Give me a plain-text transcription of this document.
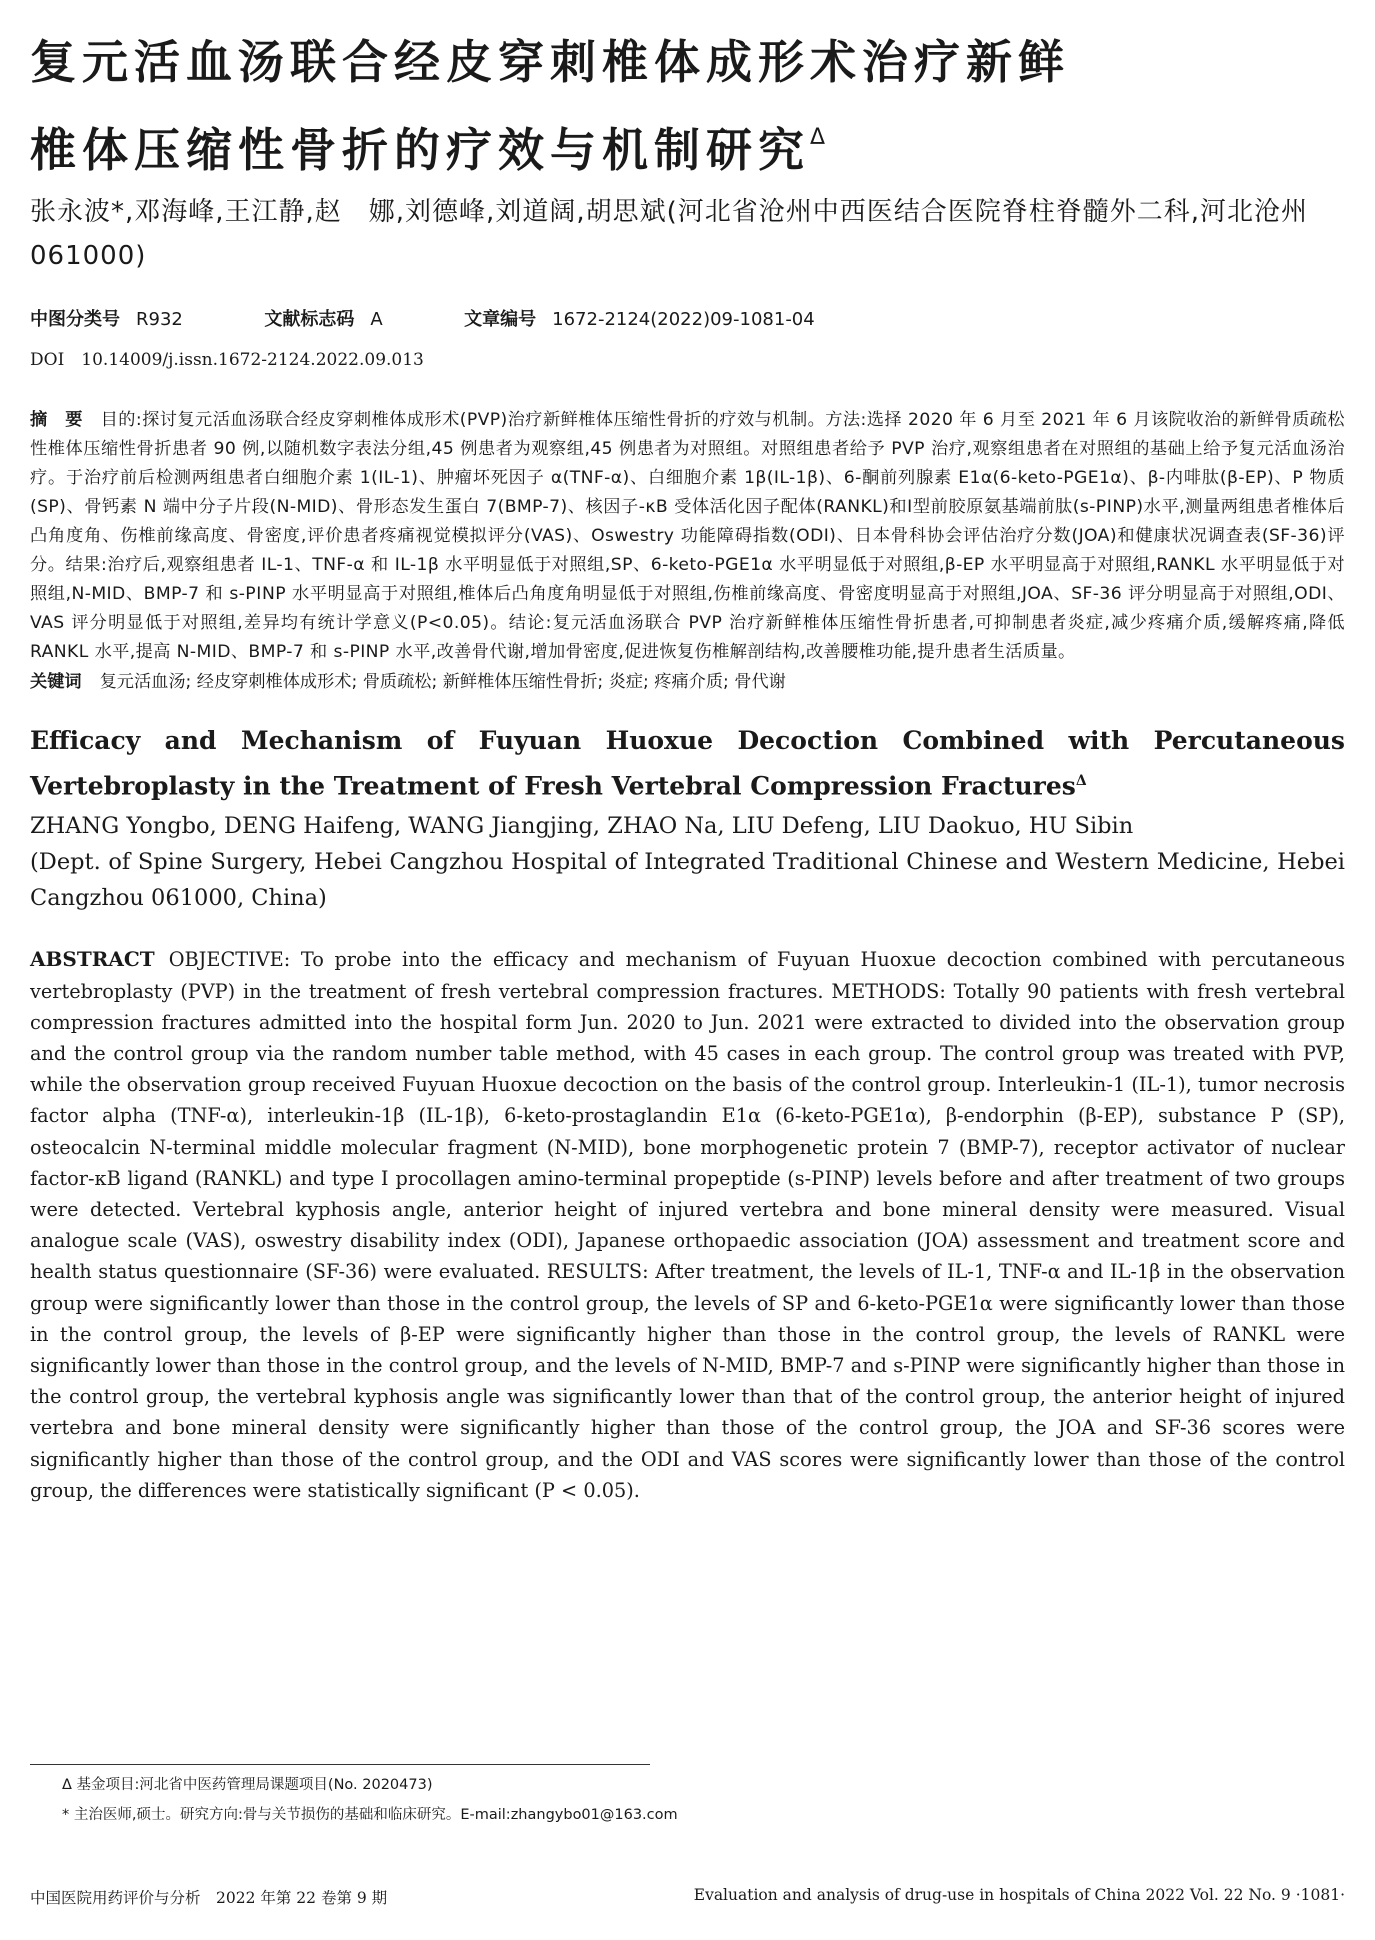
复元活血汤联合经皮穿刺椎体成形术治疗新鲜
椎体压缩性骨折的疗效与机制研究$^\Delta$
张永波*,邓海峰,王江静,赵　娜,刘德峰,刘道阔,胡思斌(河北省沧州中西医结合医院脊柱脊髓外二科,河北沧州　061000)
中图分类号 R932	文献标志码 A	文章编号 1672-2124(2022)09-1081-04
DOI　10.14009/j.issn.1672-2124.2022.09.013
摘　要　 目的:探讨复元活血汤联合经皮穿刺椎体成形术(PVP)治疗新鲜椎体压缩性骨折的疗效与机制。方法:选择 2020 年 6 月至 2021 年 6 月该院收治的新鲜骨质疏松性椎体压缩性骨折患者 90 例,以随机数字表法分组,45 例患者为观察组,45 例患者为对照组。对照组患者给予 PVP 治疗,观察组患者在对照组的基础上给予复元活血汤治疗。于治疗前后检测两组患者白细胞介素 1(IL-1)、肿瘤坏死因子 α(TNF-α)、白细胞介素 1β(IL-1β)、6-酮前列腺素 E1α(6-keto-PGE1α)、β-内啡肽(β-EP)、P 物质(SP)、骨钙素 N 端中分子片段(N-MID)、骨形态发生蛋白 7(BMP-7)、核因子-κB 受体活化因子配体(RANKL)和Ⅰ型前胶原氨基端前肽(s-PⅠNP)水平,测量两组患者椎体后凸角度角、伤椎前缘高度、骨密度,评价患者疼痛视觉模拟评分(VAS)、Oswestry 功能障碍指数(ODI)、日本骨科协会评估治疗分数(JOA)和健康状况调查表(SF-36)评分。结果:治疗后,观察组患者 IL-1、TNF-α 和 IL-1β 水平明显低于对照组,SP、6-keto-PGE1α 水平明显低于对照组,β-EP 水平明显高于对照组,RANKL 水平明显低于对照组,N-MID、BMP-7 和 s-PⅠNP 水平明显高于对照组,椎体后凸角度角明显低于对照组,伤椎前缘高度、骨密度明显高于对照组,JOA、SF-36 评分明显高于对照组,ODI、VAS 评分明显低于对照组,差异均有统计学意义(P<0.05)。结论:复元活血汤联合 PVP 治疗新鲜椎体压缩性骨折患者,可抑制患者炎症,减少疼痛介质,缓解疼痛,降低 RANKL 水平,提高 N-MID、BMP-7 和 s-PⅠNP 水平,改善骨代谢,增加骨密度,促进恢复伤椎解剖结构,改善腰椎功能,提升患者生活质量。
关键词 复元活血汤; 经皮穿刺椎体成形术; 骨质疏松; 新鲜椎体压缩性骨折; 炎症; 疼痛介质; 骨代谢
Efficacy and Mechanism of Fuyuan Huoxue Decoction Combined with Percutaneous Vertebroplasty in the Treatment of Fresh Vertebral Compression Fractures$^\Delta$
ZHANG Yongbo, DENG Haifeng, WANG Jiangjing, ZHAO Na, LIU Defeng, LIU Daokuo, HU Sibin
(Dept. of Spine Surgery, Hebei Cangzhou Hospital of Integrated Traditional Chinese and Western Medicine, Hebei Cangzhou 061000, China)
ABSTRACT OBJECTIVE: To probe into the efficacy and mechanism of Fuyuan Huoxue decoction combined with percutaneous vertebroplasty (PVP) in the treatment of fresh vertebral compression fractures. METHODS: Totally 90 patients with fresh vertebral compression fractures admitted into the hospital form Jun. 2020 to Jun. 2021 were extracted to divided into the observation group and the control group via the random number table method, with 45 cases in each group. The control group was treated with PVP, while the observation group received Fuyuan Huoxue decoction on the basis of the control group. Interleukin-1 (IL-1), tumor necrosis factor alpha (TNF-α), interleukin-1β (IL-1β), 6-keto-prostaglandin E1α (6-keto-PGE1α), β-endorphin (β-EP), substance P (SP), osteocalcin N-terminal middle molecular fragment (N-MID), bone morphogenetic protein 7 (BMP-7), receptor activator of nuclear factor-κB ligand (RANKL) and type Ⅰ procollagen amino-terminal propeptide (s-PⅠNP) levels before and after treatment of two groups were detected. Vertebral kyphosis angle, anterior height of injured vertebra and bone mineral density were measured. Visual analogue scale (VAS), oswestry disability index (ODI), Japanese orthopaedic association (JOA) assessment and treatment score and health status questionnaire (SF-36) were evaluated. RESULTS: After treatment, the levels of IL-1, TNF-α and IL-1β in the observation group were significantly lower than those in the control group, the levels of SP and 6-keto-PGE1α were significantly lower than those in the control group, the levels of β-EP were significantly higher than those in the control group, the levels of RANKL were significantly lower than those in the control group, and the levels of N-MID, BMP-7 and s-PⅠNP were significantly higher than those in the control group, the vertebral kyphosis angle was significantly lower than that of the control group, the anterior height of injured vertebra and bone mineral density were significantly higher than those of the control group, the JOA and SF-36 scores were significantly higher than those of the control group, and the ODI and VAS scores were significantly lower than those of the control group, the differences were statistically significant (P < 0.05).
Δ 基金项目:河北省中医药管理局课题项目(No. 2020473)
* 主治医师,硕士。研究方向:骨与关节损伤的基础和临床研究。E-mail:zhangybo01@163.com
中国医院用药评价与分析　2022 年第 22 卷第 9 期	Evaluation and analysis of drug-use in hospitals of China 2022 Vol. 22 No. 9 ·1081·
